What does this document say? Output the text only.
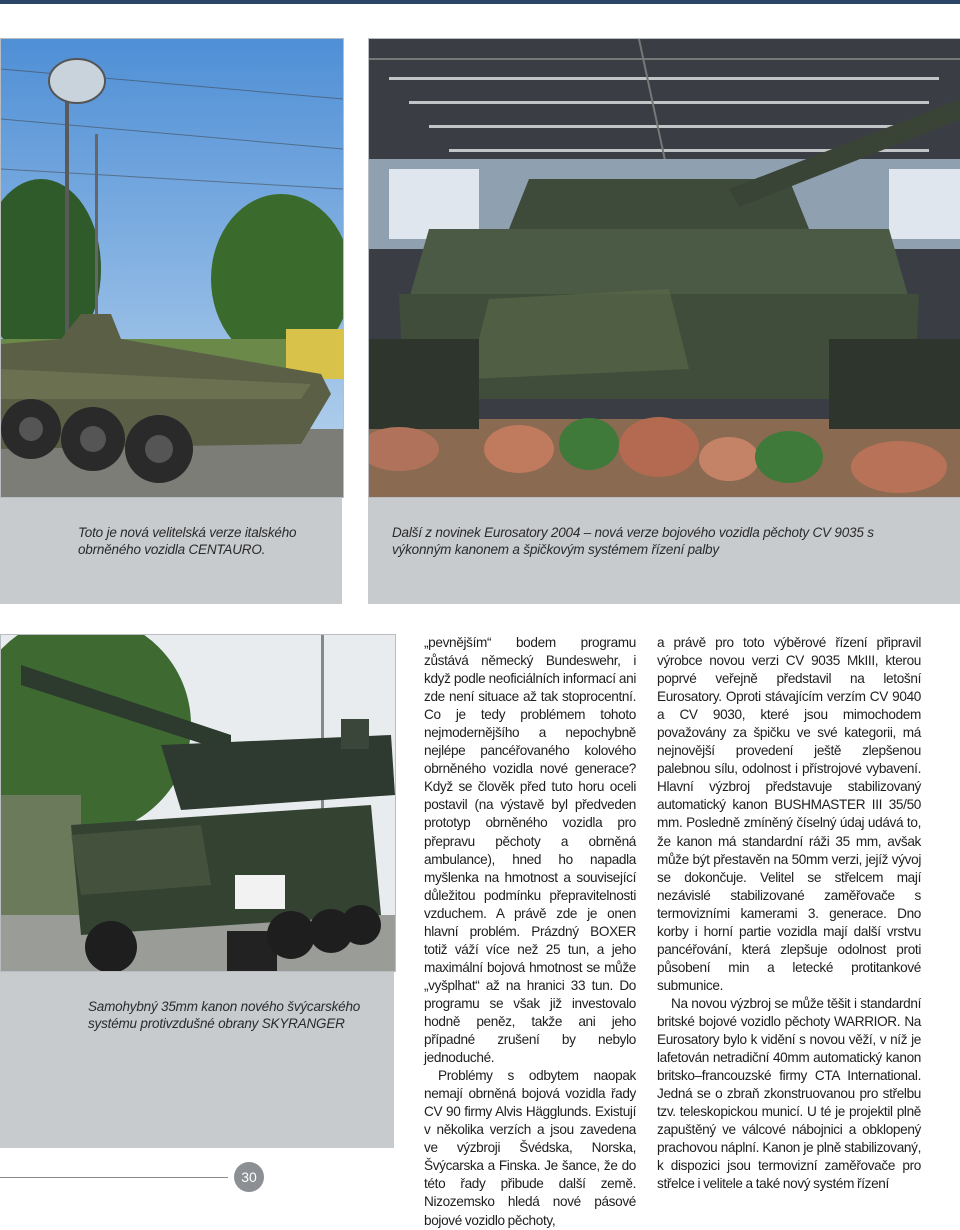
Toto je nová velitelská verze italského obrněného vozidla CENTAURO.

Další z novinek Eurosatory 2004 – nová verze bojového vozidla pěchoty CV 9035 s výkonným kanonem a špičkovým systémem řízení palby

Samohybný 35mm kanon nového švýcarského systému protivzdušné obrany SKYRANGER

„pevnějším“ bodem programu zůstává německý Bundeswehr, i když podle neoficiálních informací ani zde není situace až tak stoprocentní. Co je tedy problémem tohoto nejmodernějšího a nepochybně nejlépe pancéřovaného kolového obrněného vozidla nové generace? Když se člověk před tuto horu oceli postavil (na výstavě byl předveden prototyp obrněného vozidla pro přepravu pěchoty a obrněná ambulance), hned ho napadla myšlenka na hmotnost a související důležitou podmínku přepravitelnosti vzduchem. A právě zde je onen hlavní problém. Prázdný BOXER totiž váží více než 25 tun, a jeho maximální bojová hmotnost se může „vyšplhat“ až na hranici 33 tun. Do programu se však již investovalo hodně peněz, takže ani jeho případné zrušení by nebylo jednoduché.

Problémy s odbytem naopak nemají obrněná bojová vozidla řady CV 90 firmy Alvis Hägglunds. Existují v několika verzích a jsou zavedena ve výzbroji Švédska, Norska, Švýcarska a Finska. Je šance, že do této řady přibude další země. Nizozemsko hledá nové pásové bojové vozidlo pěchoty,

a právě pro toto výběrové řízení připravil výrobce novou verzi CV 9035 MkIII, kterou poprvé veřejně představil na letošní Eurosatory. Oproti stávajícím verzím CV 9040 a CV 9030, které jsou mimochodem považovány za špičku ve své kategorii, má nejnovější provedení ještě zlepšenou palebnou sílu, odolnost i přístrojové vybavení. Hlavní výzbroj představuje stabilizovaný automatický kanon BUSHMASTER III 35/50 mm. Posledně zmíněný číselný údaj udává to, že kanon má standardní ráži 35 mm, avšak může být přestavěn na 50mm verzi, jejíž vývoj se dokončuje. Velitel se střelcem mají nezávislé stabilizované zaměřovače s termovizními kamerami 3. generace. Dno korby i horní partie vozidla mají další vrstvu pancéřování, která zlepšuje odolnost proti působení min a letecké protitankové submunice.

Na novou výzbroj se může těšit i standardní britské bojové vozidlo pěchoty WARRIOR. Na Eurosatory bylo k vidění s novou věží, v níž je lafetován netradiční 40mm automatický kanon britsko–francouzské firmy CTA International. Jedná se o zbraň zkonstruovanou pro střelbu tzv. teleskopickou municí. U té je projektil plně zapuštěný ve válcové nábojnici a obklopený prachovou náplní. Kanon je plně stabilizovaný, k dispozici jsou termovizní zaměřovače pro střelce i velitele a také nový systém řízení

30
